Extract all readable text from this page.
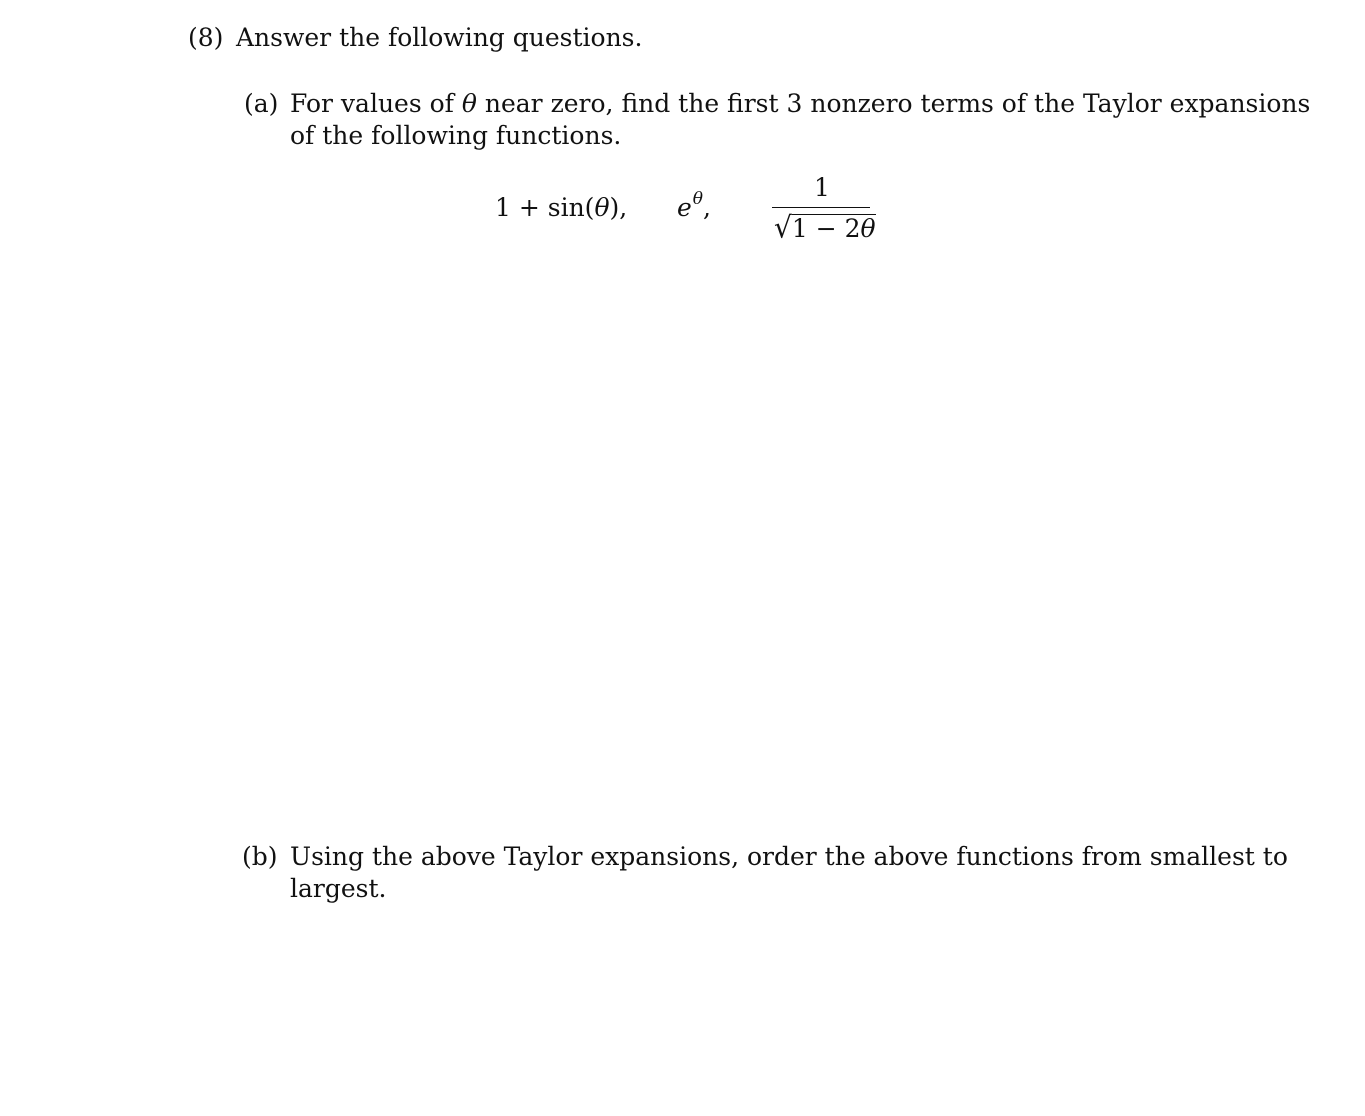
(8) Answer the following questions.
(a) For values of θ near zero, find the first 3 nonzero terms of the Taylor expansions
of the following functions.
1 + sin(θ), $e^\theta$,
1
√1 − 2θ
(b) Using the above Taylor expansions, order the above functions from smallest to
largest.
